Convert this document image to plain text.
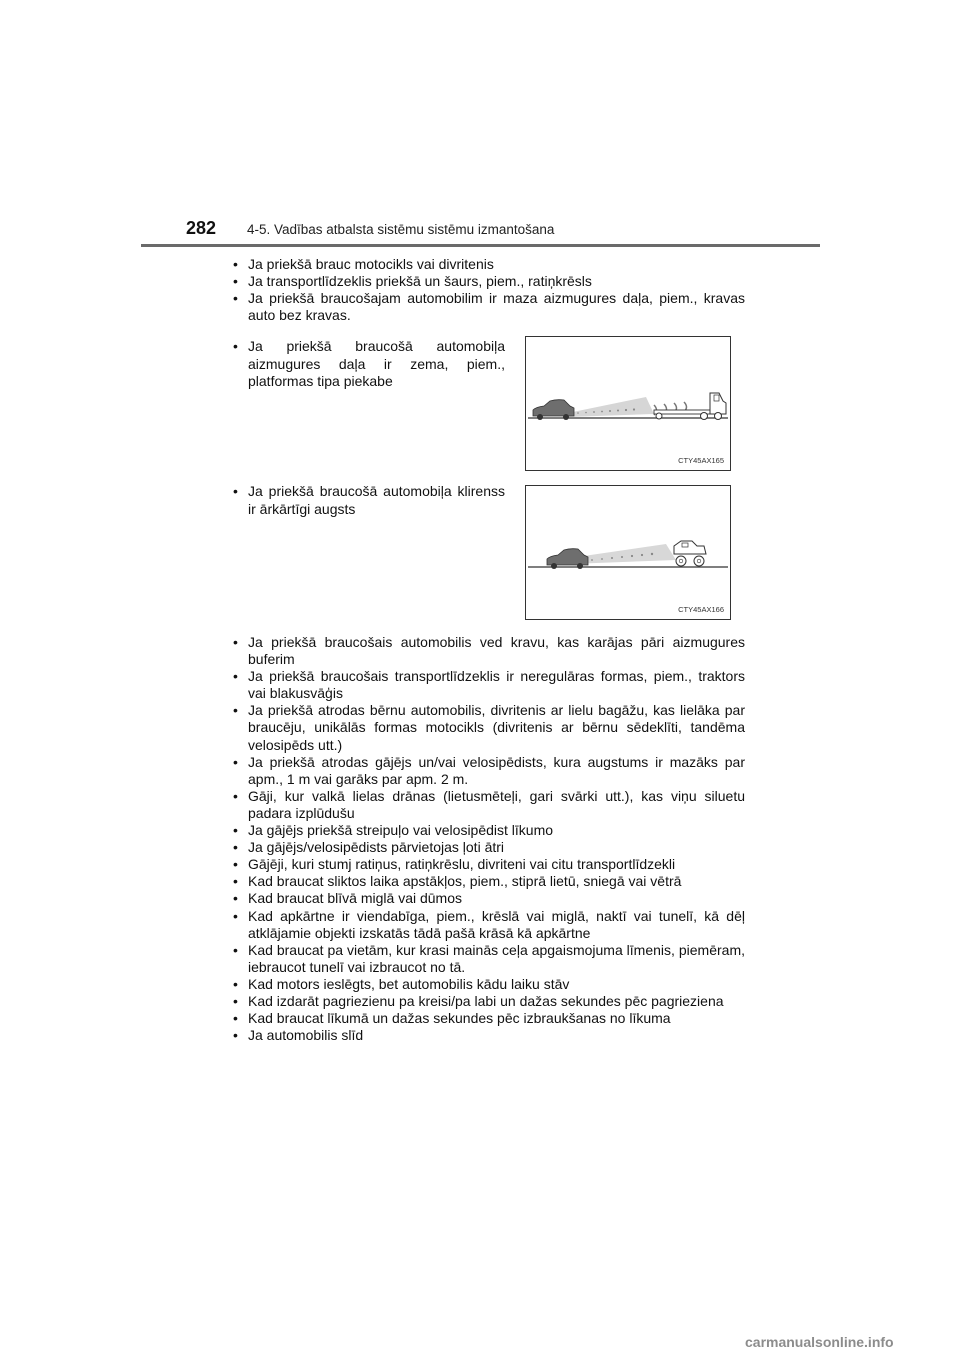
282 4-5. Vadības atbalsta sistēmu sistēmu izmantošana
• Ja priekšā brauc motocikls vai divritenis
• Ja transportlīdzeklis priekšā un šaurs, piem., ratiņkrēsls
• Ja priekšā braucošajam automobilim ir maza aizmugures daļa, piem., kravas auto bez kravas.
• Ja priekšā braucošā automobiļa aizmugures daļa ir zema, piem., platformas tipa piekabe
CTY45AX165
• Ja priekšā braucošā automobiļa klirenss ir ārkārtīgi augsts
CTY45AX166
• Ja priekšā braucošais automobilis ved kravu, kas karājas pāri aizmugures buferim
• Ja priekšā braucošais transportlīdzeklis ir neregulāras formas, piem., traktors vai blakusvāģis
• Ja priekšā atrodas bērnu automobilis, divritenis ar lielu bagāžu, kas lielāka par braucēju, unikālās formas motocikls (divritenis ar bērnu sēdeklīti, tandēma velosipēds utt.)
• Ja priekšā atrodas gājējs un/vai velosipēdists, kura augstums ir mazāks par apm., 1 m vai garāks par apm. 2 m.
• Gāji, kur valkā lielas drānas (lietusmēteļi, gari svārki utt.), kas viņu siluetu padara izplūdušu
• Ja gājējs priekšā streipuļo vai velosipēdist līkumo
• Ja gājējs/velosipēdists pārvietojas ļoti ātri
• Gājēji, kuri stumj ratiņus, ratiņkrēslu, divriteni vai citu transportlīdzekli
• Kad braucat sliktos laika apstākļos, piem., stiprā lietū, sniegā vai vētrā
• Kad braucat blīvā miglā vai dūmos
• Kad apkārtne ir viendabīga, piem., krēslā vai miglā, naktī vai tunelī, kā dēļ atklājamie objekti izskatās tādā pašā krāsā kā apkārtne
• Kad braucat pa vietām, kur krasi mainās ceļa apgaismojuma līmenis, piemēram, iebraucot tunelī vai izbraucot no tā.
• Kad motors ieslēgts, bet automobilis kādu laiku stāv
• Kad izdarāt pagriezienu pa kreisi/pa labi un dažas sekundes pēc pagrieziena
• Kad braucat līkumā un dažas sekundes pēc izbraukšanas no līkuma
• Ja automobilis slīd
carmanualsonline.info
